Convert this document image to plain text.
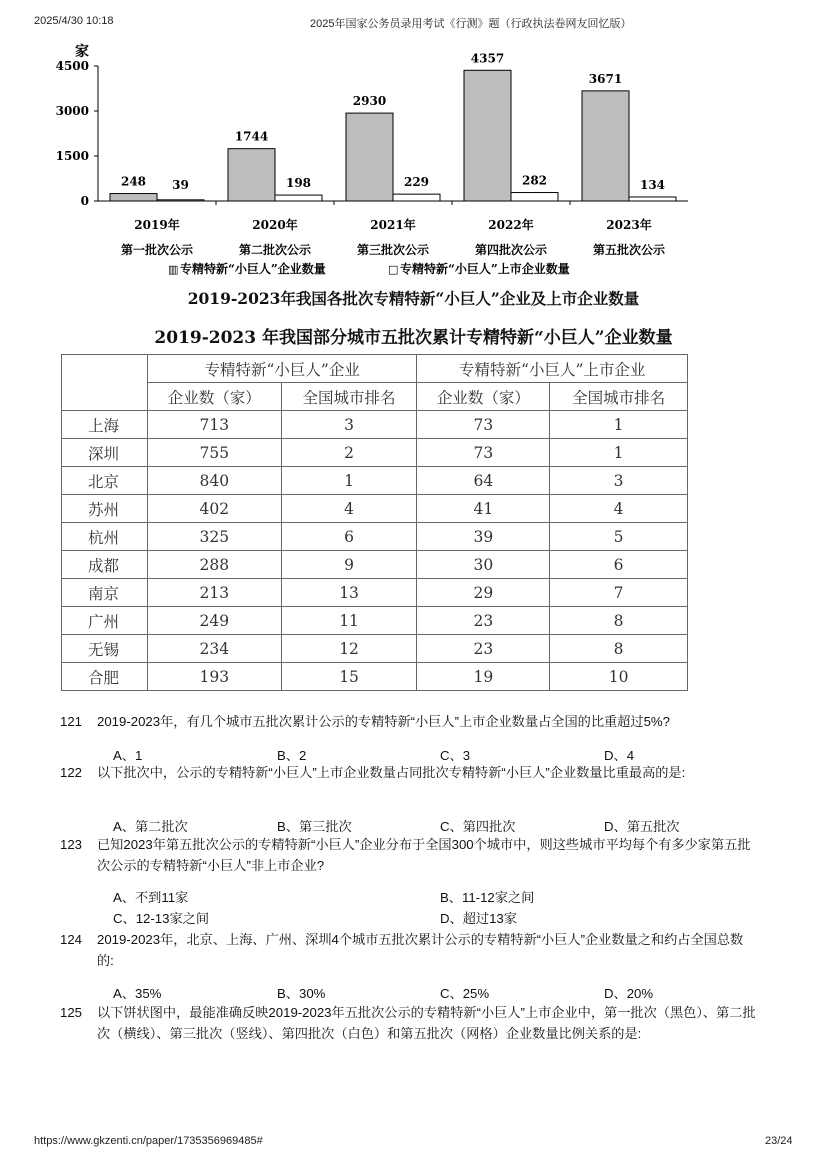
2025/4/30 10:18	2025年国家公务员录用考试《行测》题（行政执法卷网友回忆版）
家
0
1500
3000
4500
2019年
第一批次公示
248 39
2020年
第二批次公示
1744
198
2021年
第三批次公示
2930
229
2022年
第四批次公示
4357
282
2023年
第五批次公示
3671
134
▥ 专精特新“小巨人”企业数量	□ 专精特新“小巨人”上市企业数量
2019-2023年我国各批次专精特新“小巨人”企业及上市企业数量
2019-2023 年我国部分城市五批次累计专精特新“小巨人”企业数量
	专精特新“小巨人”企业		专精特新“小巨人”上市企业	
	企业数（家）	全国城市排名	企业数（家）	全国城市排名
上海	713	3	73	1
深圳	755	2	73	1
北京	840	1	64	3
苏州	402	4	41	4
杭州	325	6	39	5
成都	288	9	30	6
南京	213	13	29	7
广州	249	11	23	8
无锡	234	12	23	8
合肥	193	15	19	10
121 2019-2023年，有几个城市五批次累计公示的专精特新“小巨人”上市企业数量占全国的比重超过5%?
A、1	B、2	C、3	D、4
122 以下批次中，公示的专精特新“小巨人”上市企业数量占同批次专精特新“小巨人”企业数量比重最高的是:
A、第二批次	B、第三批次	C、第四批次	D、第五批次
123 已知2023年第五批次公示的专精特新“小巨人”企业分布于全国300个城市中，则这些城市平均每个有多少家第五批次公示的专精特新“小巨人”非上市企业?
A、不到11家	B、11-12家之间
C、12-13家之间	D、超过13家
124 2019-2023年，北京、上海、广州、深圳4个城市五批次累计公示的专精特新“小巨人”企业数量之和约占全国总数的:
A、35%	B、30%	C、25%	D、20%
125 以下饼状图中，最能准确反映2019-2023年五批次公示的专精特新“小巨人”上市企业中，第一批次（黑色）、第二批次（横线）、第三批次（竖线）、第四批次（白色）和第五批次（网格）企业数量比例关系的是:
https://www.gkzenti.cn/paper/1735356969485#	23/24
